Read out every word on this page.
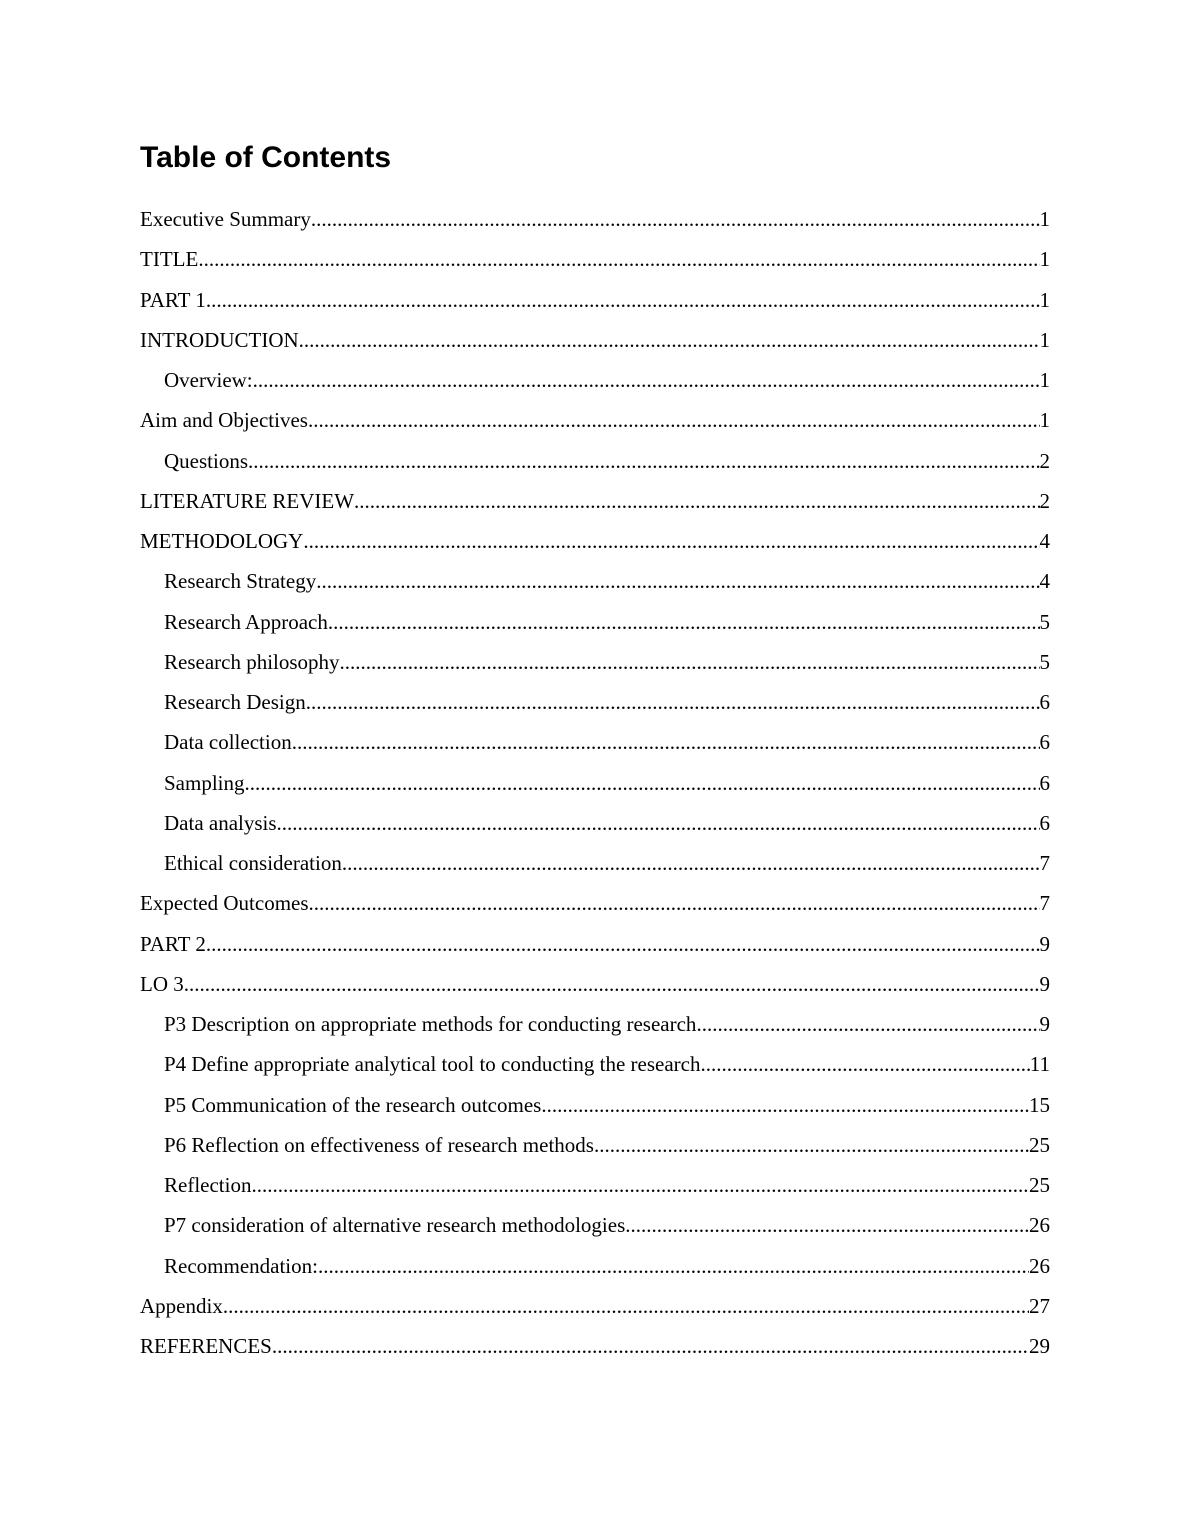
Table of Contents
Executive Summary .....	1
TITLE .....	1
PART 1 .....	1
INTRODUCTION .....	1
Overview: .....	1
Aim and Objectives .....	1
Questions .....	2
LITERATURE REVIEW .....	2
METHODOLOGY .....	4
Research Strategy .....	4
Research Approach .....	5
Research philosophy .....	5
Research Design .....	6
Data collection .....	6
Sampling .....	6
Data analysis .....	6
Ethical consideration .....	7
Expected Outcomes .....	7
PART 2 .....	9
LO 3 .....	9
P3 Description on appropriate methods for conducting research .....	9
P4 Define appropriate analytical tool to conducting the research. .....	11
P5 Communication of the research outcomes. .....	15
P6 Reflection on effectiveness of research methods. .....	25
Reflection .....	25
P7 consideration of alternative research methodologies. .....	26
Recommendation: .....	26
Appendix .....	27
REFERENCES .....	29
